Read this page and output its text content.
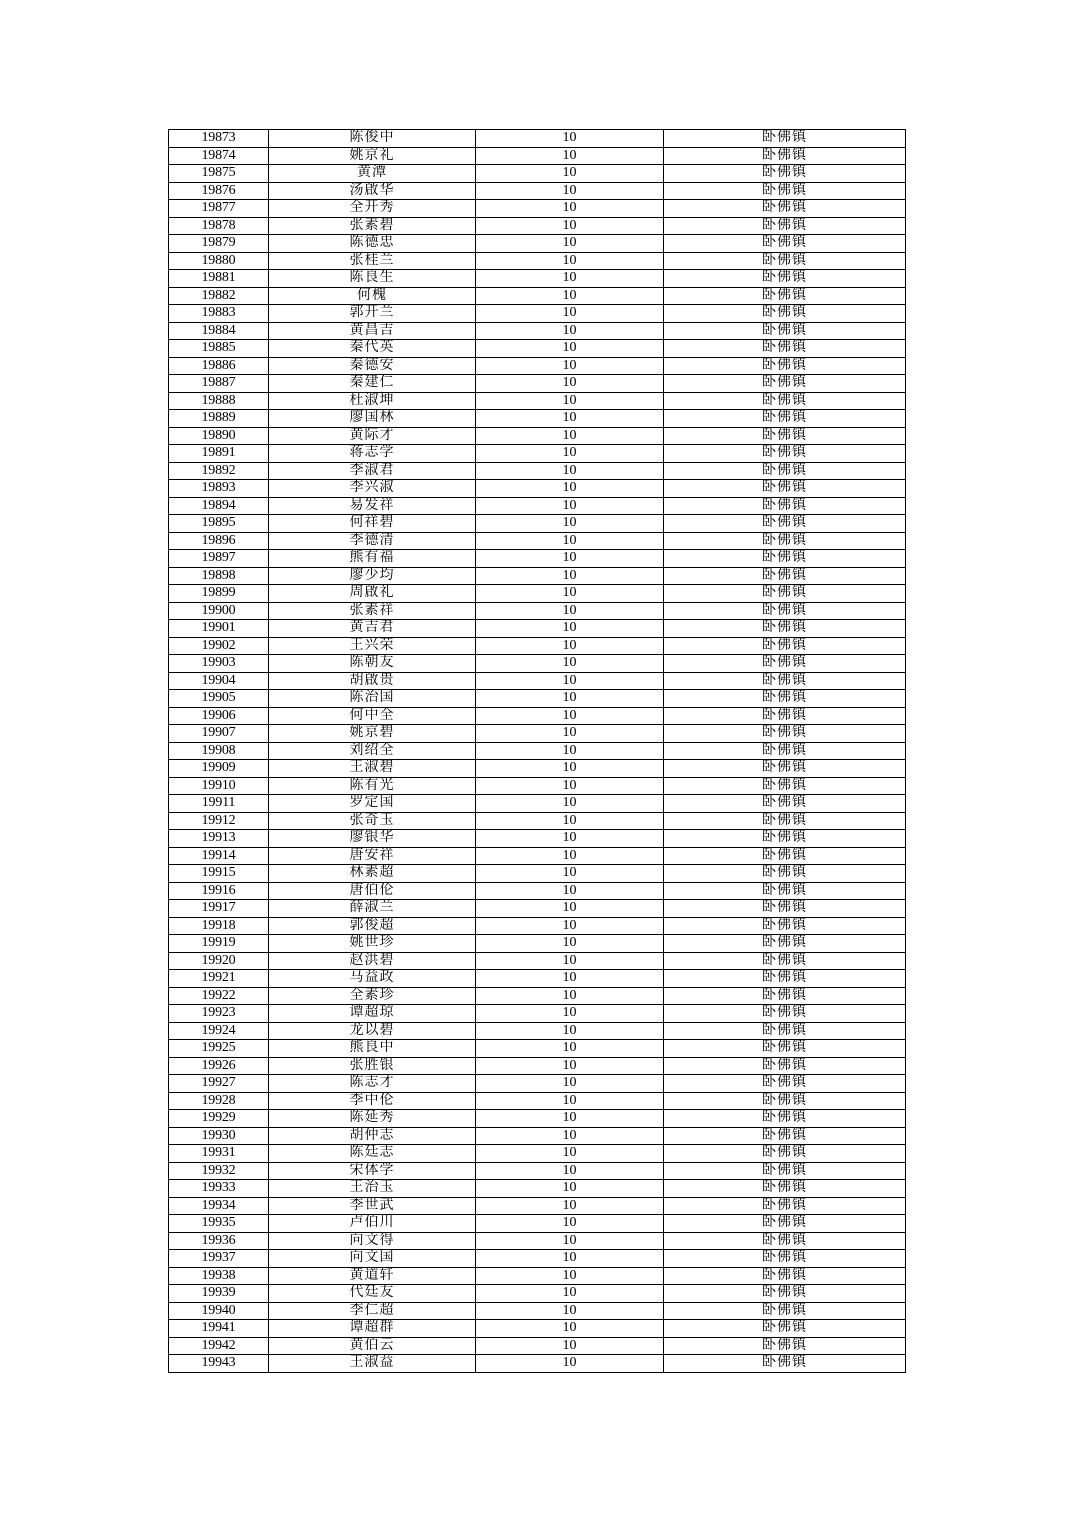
19873	陈俊中	10	卧佛镇
19874	姚京礼	10	卧佛镇
19875	黄潭	10	卧佛镇
19876	汤啟华	10	卧佛镇
19877	全开秀	10	卧佛镇
19878	张素碧	10	卧佛镇
19879	陈德忠	10	卧佛镇
19880	张桂兰	10	卧佛镇
19881	陈良生	10	卧佛镇
19882	何槐	10	卧佛镇
19883	郭开兰	10	卧佛镇
19884	黄昌吉	10	卧佛镇
19885	秦代英	10	卧佛镇
19886	秦德安	10	卧佛镇
19887	秦建仁	10	卧佛镇
19888	杜淑坤	10	卧佛镇
19889	廖国林	10	卧佛镇
19890	黄际才	10	卧佛镇
19891	蒋志学	10	卧佛镇
19892	李淑君	10	卧佛镇
19893	李兴淑	10	卧佛镇
19894	易发祥	10	卧佛镇
19895	何祥碧	10	卧佛镇
19896	李德清	10	卧佛镇
19897	熊有福	10	卧佛镇
19898	廖少均	10	卧佛镇
19899	周啟礼	10	卧佛镇
19900	张素祥	10	卧佛镇
19901	黄吉君	10	卧佛镇
19902	王兴荣	10	卧佛镇
19903	陈朝友	10	卧佛镇
19904	胡啟贵	10	卧佛镇
19905	陈治国	10	卧佛镇
19906	何中全	10	卧佛镇
19907	姚京碧	10	卧佛镇
19908	刘绍全	10	卧佛镇
19909	王淑碧	10	卧佛镇
19910	陈有光	10	卧佛镇
19911	罗定国	10	卧佛镇
19912	张奇玉	10	卧佛镇
19913	廖银华	10	卧佛镇
19914	唐安祥	10	卧佛镇
19915	林素超	10	卧佛镇
19916	唐伯伦	10	卧佛镇
19917	薛淑兰	10	卧佛镇
19918	郭俊超	10	卧佛镇
19919	姚世珍	10	卧佛镇
19920	赵洪碧	10	卧佛镇
19921	马益政	10	卧佛镇
19922	全素珍	10	卧佛镇
19923	谭超琼	10	卧佛镇
19924	龙以碧	10	卧佛镇
19925	熊良中	10	卧佛镇
19926	张胜银	10	卧佛镇
19927	陈志才	10	卧佛镇
19928	李中伦	10	卧佛镇
19929	陈延秀	10	卧佛镇
19930	胡仲志	10	卧佛镇
19931	陈廷志	10	卧佛镇
19932	宋体学	10	卧佛镇
19933	王治玉	10	卧佛镇
19934	李世武	10	卧佛镇
19935	卢伯川	10	卧佛镇
19936	向文得	10	卧佛镇
19937	向文国	10	卧佛镇
19938	黄道轩	10	卧佛镇
19939	代廷友	10	卧佛镇
19940	李仁超	10	卧佛镇
19941	谭超群	10	卧佛镇
19942	黄伯云	10	卧佛镇
19943	王淑益	10	卧佛镇
